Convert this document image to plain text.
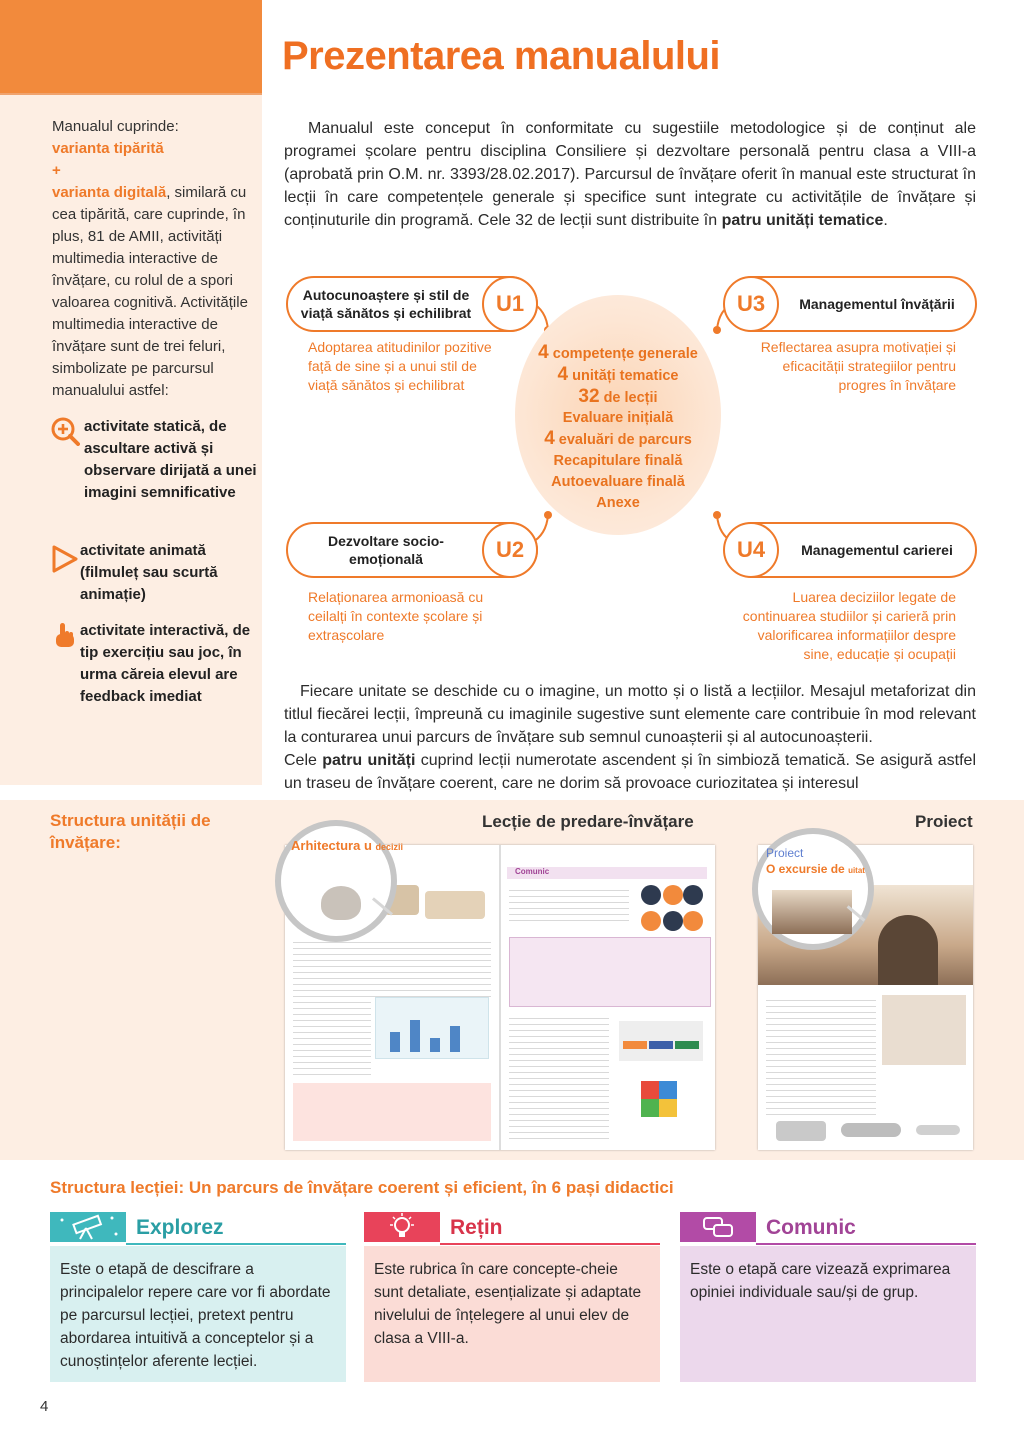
Prezentarea manualului
Manualul cuprinde:
varianta tipărită
+
varianta digitală, similară cu cea tipărită, care cuprinde, în plus, 81 de AMII, activități multimedia interactive de învățare, cu rolul de a spori valoarea cognitivă. Activitățile multimedia interactive de învățare sunt de trei feluri, simbolizate pe parcursul manualului astfel:
activitate statică, de ascultare activă și observare dirijată a unei imagini semnificative
activitate animată (filmuleț sau scurtă animație)
activitate interactivă, de tip exercițiu sau joc, în urma căreia elevul are feedback imediat
Manualul este conceput în conformitate cu sugestiile metodologice și de conținut ale programei școlare pentru disciplina Consiliere și dezvoltare personală pentru clasa a VIII-a (aprobată prin O.M. nr. 3393/28.02.2017). Parcursul de învățare oferit în manual este structurat în lecții în care competențele generale și specifice sunt integrate cu activitățile de învățare și conținuturile din programă. Cele 32 de lecții sunt distribuite în patru unități tematice.
4 competențe generale
4 unități tematice
32 de lecții
Evaluare inițială
4 evaluări de parcurs
Recapitulare finală
Autoevaluare finală
Anexe
Autocunoaștere și stil de viață sănătos și echilibrat	U1
Adoptarea atitudinilor pozitive față de sine și a unui stil de viață sănătos și echilibrat
Managementul învățării
U3
Reflectarea asupra motivației și eficacității strategiilor pentru progres în învățare
Dezvoltare socio-emoțională	U2
Relaționarea armonioasă cu ceilalți în contexte școlare și extrașcolare
Managementul carierei
U4
Luarea deciziilor legate de continuarea studiilor și carieră prin valorificarea informațiilor despre sine, educație și ocupații
Fiecare unitate se deschide cu o imagine, un motto și o listă a lecțiilor. Mesajul metaforizat din titlul fiecărei lecții, împreună cu imaginile sugestive sunt elemente care contribuie în mod relevant la conturarea unui parcurs de învățare sub semnul cunoașterii și al autocunoașterii.
Cele patru unități cuprind lecții numerotate ascendent și în simbioză tematică. Se asigură astfel un traseu de învățare coerent, care ne dorim să provoace curiozitatea și interesul
Structura unității de învățare:
Lecție de predare-învățare	Proiect
Comunic
Arhitectura u decizii	Proiect
O excursie de uitat
Structura lecției: Un parcurs de învățare coerent și eficient, în 6 pași didactici
Explorez
Este o etapă de descifrare a principalelor repere care vor fi abordate pe parcursul lecției, pretext pentru abordarea intuitivă a conceptelor și a cunoștințelor aferente lecției.
Rețin
Este rubrica în care concepte-cheie sunt detaliate, esențializate și adaptate nivelului de înțelegere al unui elev de clasa a VIII-a.
Comunic
Este o etapă care vizează exprimarea opiniei individuale sau/și de grup.
4
